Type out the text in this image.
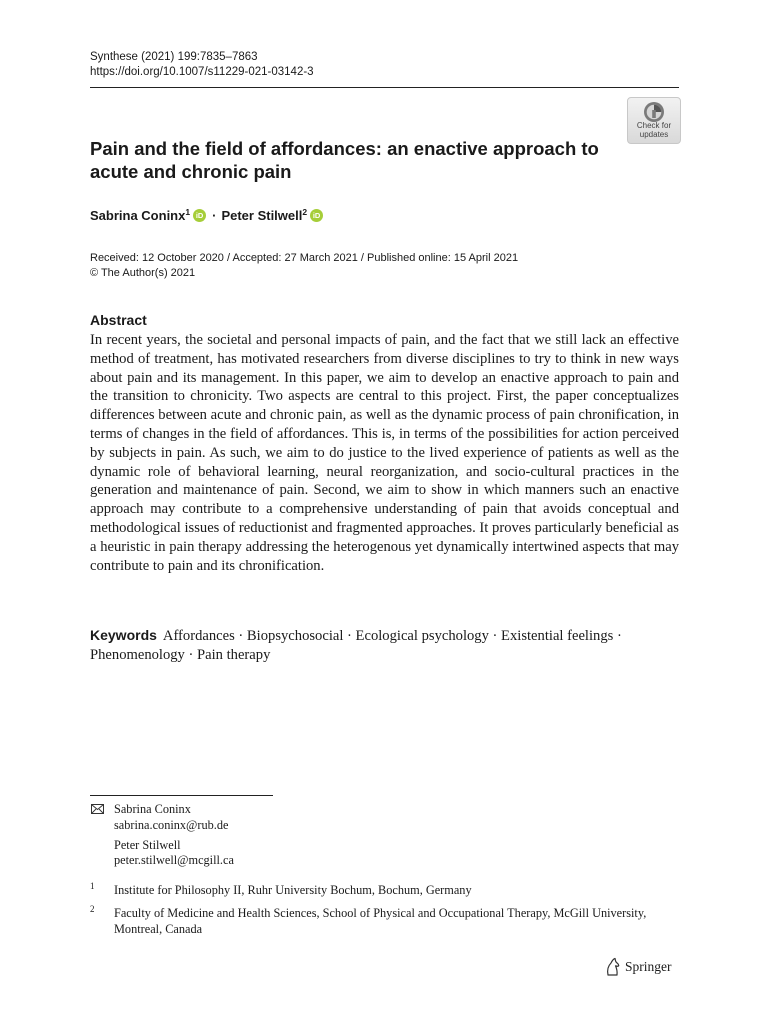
Synthese (2021) 199:7835–7863
https://doi.org/10.1007/s11229-021-03142-3
Check for
updates
Pain and the field of affordances: an enactive approach to acute and chronic pain
Sabrina Coninx$^1$ iD · Peter Stilwell$^2$ iD
Received: 12 October 2020 / Accepted: 27 March 2021 / Published online: 15 April 2021
© The Author(s) 2021
Abstract

In recent years, the societal and personal impacts of pain, and the fact that we still lack an effective method of treatment, has motivated researchers from diverse disciplines to try to think in new ways about pain and its management. In this paper, we aim to develop an enactive approach to pain and the transition to chronicity. Two aspects are central to this project. First, the paper conceptualizes differences between acute and chronic pain, as well as the dynamic process of pain chronification, in terms of changes in the field of affordances. This is, in terms of the possibilities for action perceived by subjects in pain. As such, we aim to do justice to the lived experience of patients as well as the dynamic role of behavioral learning, neural reorganization, and socio-cultural practices in the generation and maintenance of pain. Second, we aim to show in which manners such an enactive approach may contribute to a comprehensive understanding of pain that avoids conceptual and methodological issues of reductionist and fragmented approaches. It proves particularly beneficial as a heuristic in pain therapy addressing the heterogenous yet dynamically intertwined aspects that may contribute to pain and its chronification.

Keywords Affordances · Biopsychosocial · Ecological psychology · Existential feelings · Phenomenology · Pain therapy

Sabrina Coninx
sabrina.coninx@rub.de
Peter Stilwell
peter.stilwell@mcgill.ca
1 Institute for Philosophy II, Ruhr University Bochum, Bochum, Germany
2 Faculty of Medicine and Health Sciences, School of Physical and Occupational Therapy, McGill University, Montreal, Canada
Springer
